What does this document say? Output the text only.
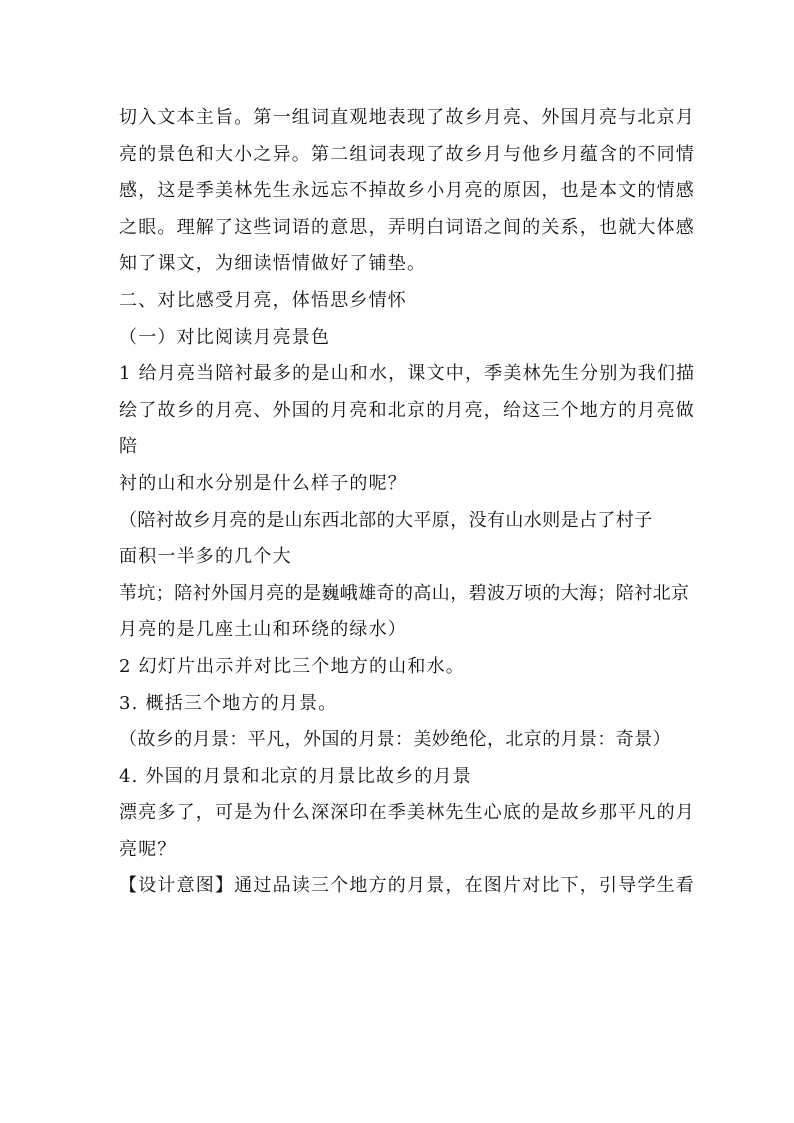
切入文本主旨。第一组词直观地表现了故乡月亮、外国月亮与北京月
亮的景色和大小之异。第二组词表现了故乡月与他乡月蕴含的不同情
感，这是季美林先生永远忘不掉故乡小月亮的原因，也是本文的情感
之眼。理解了这些词语的意思，弄明白词语之间的关系，也就大体感
知了课文，为细读悟情做好了铺垫。
二、对比感受月亮，体悟思乡情怀
（一）对比阅读月亮景色
1 给月亮当陪衬最多的是山和水，课文中，季美林先生分别为我们描
绘了故乡的月亮、外国的月亮和北京的月亮，给这三个地方的月亮做
陪
衬的山和水分别是什么样子的呢？
（陪衬故乡月亮的是山东西北部的大平原，没有山水则是占了村子
面积一半多的几个大
苇坑；陪衬外国月亮的是巍峨雄奇的高山，碧波万顷的大海；陪衬北京
月亮的是几座土山和环绕的绿水）
2 幻灯片出示并对比三个地方的山和水。
3. 概括三个地方的月景。
（故乡的月景：平凡，外国的月景：美妙绝伦，北京的月景：奇景）
4. 外国的月景和北京的月景比故乡的月景
漂亮多了，可是为什么深深印在季美林先生心底的是故乡那平凡的月
亮呢？
【设计意图】通过品读三个地方的月景，在图片对比下，引导学生看
